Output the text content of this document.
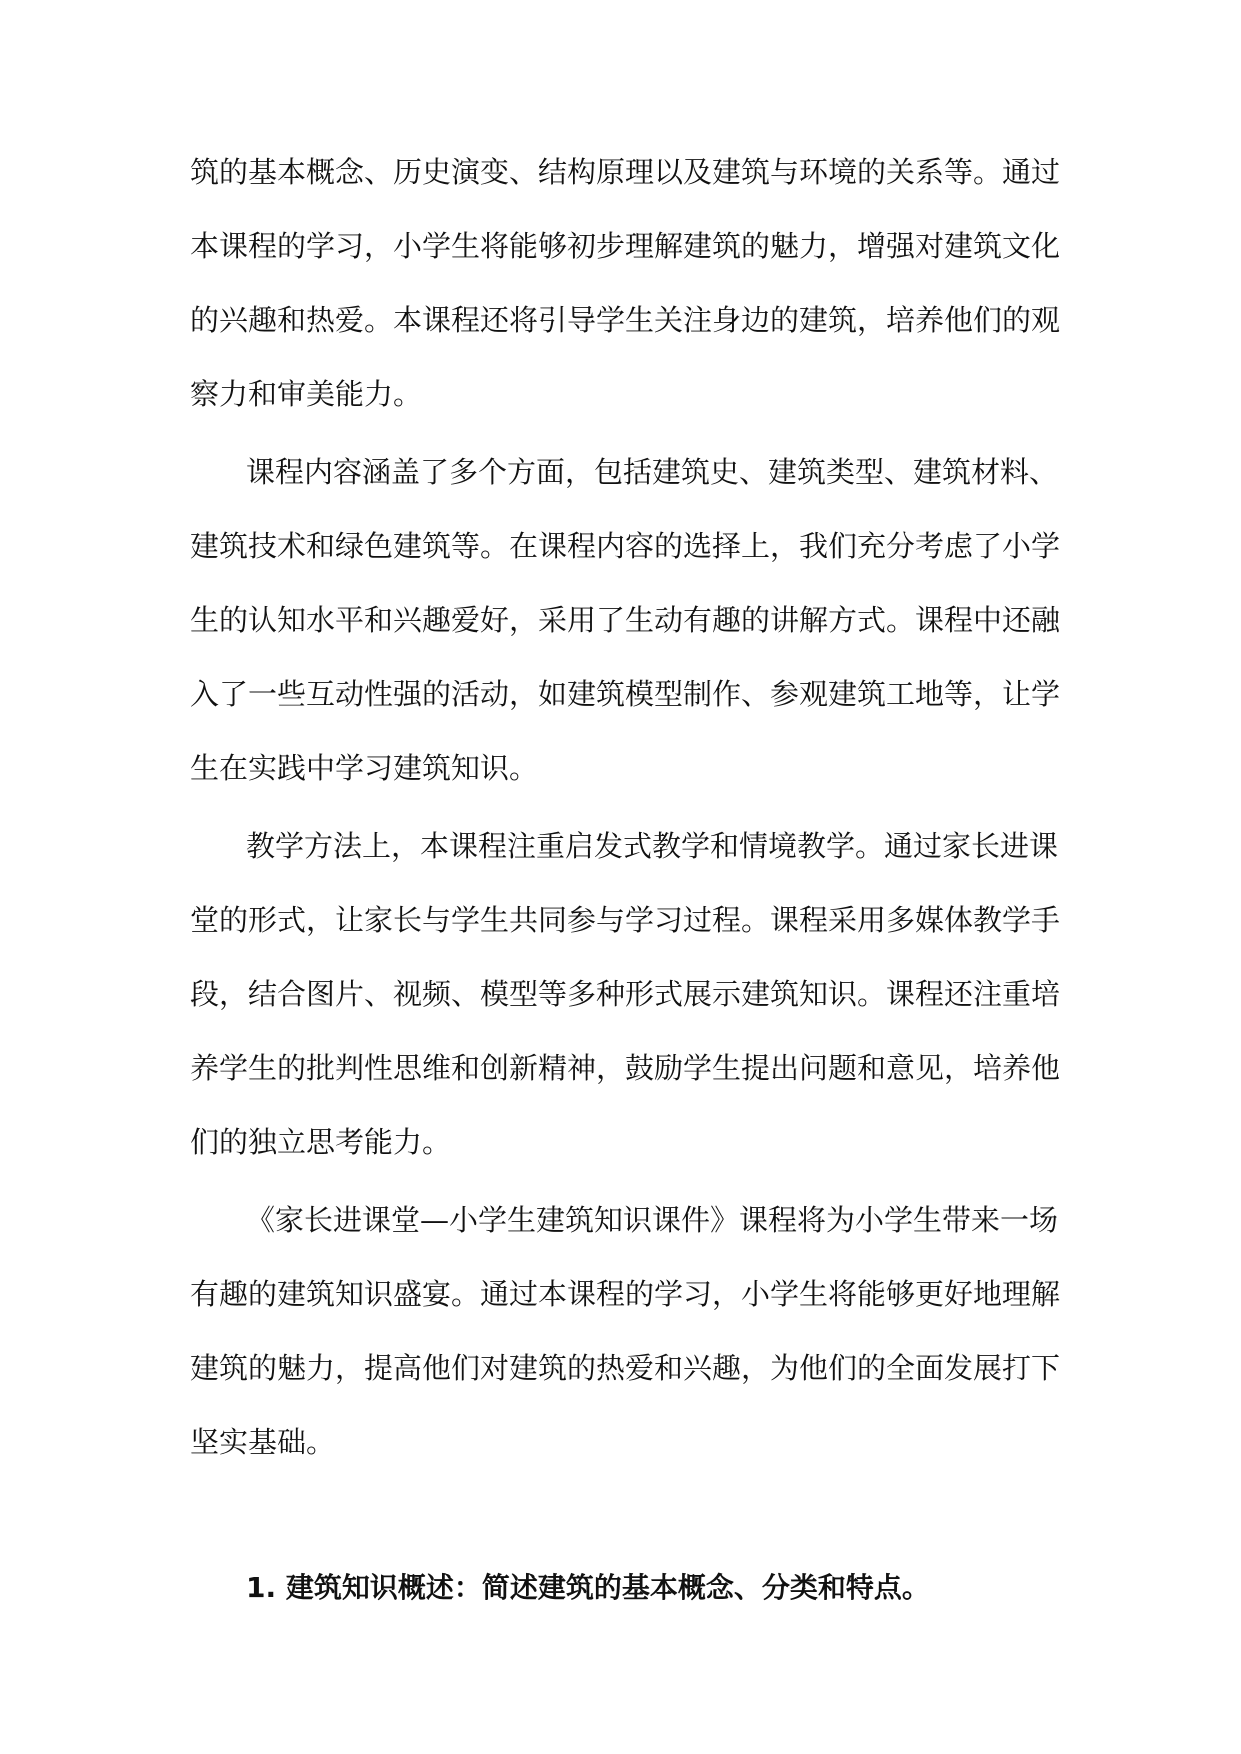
筑的基本概念、历史演变、结构原理以及建筑与环境的关系等。通过
本课程的学习，小学生将能够初步理解建筑的魅力，增强对建筑文化
的兴趣和热爱。本课程还将引导学生关注身边的建筑，培养他们的观
察力和审美能力。
课程内容涵盖了多个方面，包括建筑史、建筑类型、建筑材料、
建筑技术和绿色建筑等。在课程内容的选择上，我们充分考虑了小学
生的认知水平和兴趣爱好，采用了生动有趣的讲解方式。课程中还融
入了一些互动性强的活动，如建筑模型制作、参观建筑工地等，让学
生在实践中学习建筑知识。
教学方法上，本课程注重启发式教学和情境教学。通过家长进课
堂的形式，让家长与学生共同参与学习过程。课程采用多媒体教学手
段，结合图片、视频、模型等多种形式展示建筑知识。课程还注重培
养学生的批判性思维和创新精神，鼓励学生提出问题和意见，培养他
们的独立思考能力。
《家长进课堂—小学生建筑知识课件》课程将为小学生带来一场
有趣的建筑知识盛宴。通过本课程的学习，小学生将能够更好地理解
建筑的魅力，提高他们对建筑的热爱和兴趣，为他们的全面发展打下
坚实基础。
1. 建筑知识概述：简述建筑的基本概念、分类和特点。
